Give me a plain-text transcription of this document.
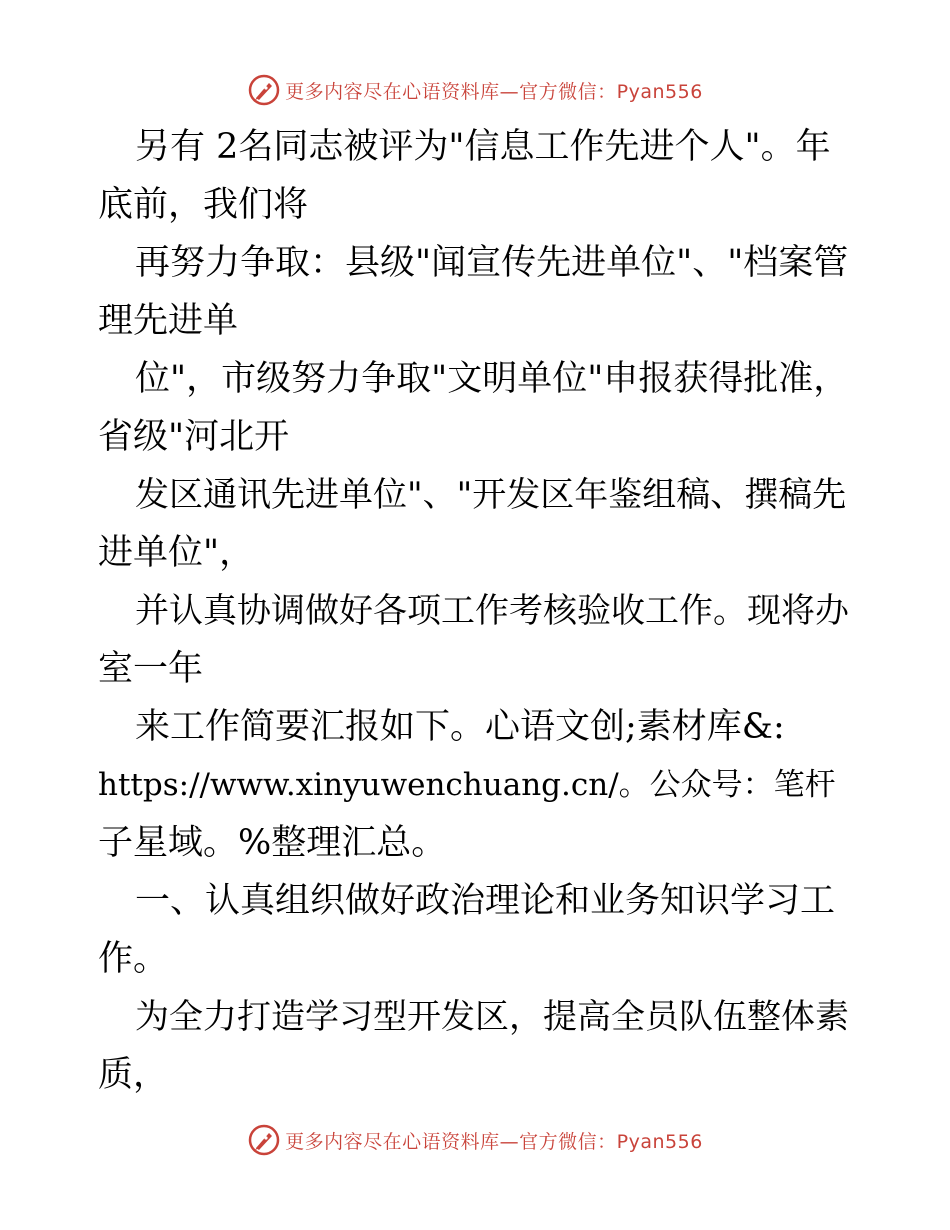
更多内容尽在心语资料库—官方微信：Pyan556
另有 2名同志被评为"信息工作先进个人"。年
底前，我们将
再努力争取：县级"闻宣传先进单位"、"档案管
理先进单
位"，市级努力争取"文明单位"申报获得批准，
省级"河北开
发区通讯先进单位"、"开发区年鉴组稿、撰稿先
进单位"，
并认真协调做好各项工作考核验收工作。现将办
室一年
来工作简要汇报如下。心语文创;素材库&:
https://www.xinyuwenchuang.cn/。公众号：笔杆
子星域。%整理汇总。
一、认真组织做好政治理论和业务知识学习工
作。
为全力打造学习型开发区，提高全员队伍整体素
质，
更多内容尽在心语资料库—官方微信：Pyan556
